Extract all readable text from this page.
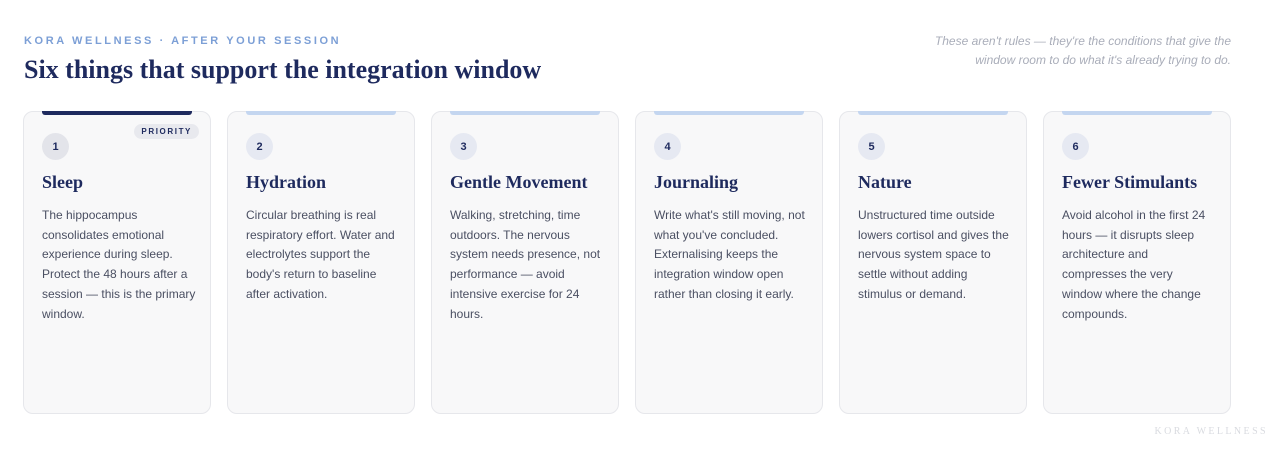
KORA WELLNESS · AFTER YOUR SESSION
Six things that support the integration window

These aren't rules — they're the conditions that give the window room to do what it's already trying to do.

PRIORITY
1
Sleep

The hippocampus consolidates emotional experience during sleep. Protect the 48 hours after a session — this is the primary window.

2
Hydration

Circular breathing is real respiratory effort. Water and electrolytes support the body's return to baseline after activation.

3
Gentle Movement

Walking, stretching, time outdoors. The nervous system needs presence, not performance — avoid intensive exercise for 24 hours.

4
Journaling

Write what's still moving, not what you've concluded. Externalising keeps the integration window open rather than closing it early.

5
Nature

Unstructured time outside lowers cortisol and gives the nervous system space to settle without adding stimulus or demand.

6
Fewer Stimulants

Avoid alcohol in the first 24 hours — it disrupts sleep architecture and compresses the very window where the change compounds.

KORA WELLNESS
